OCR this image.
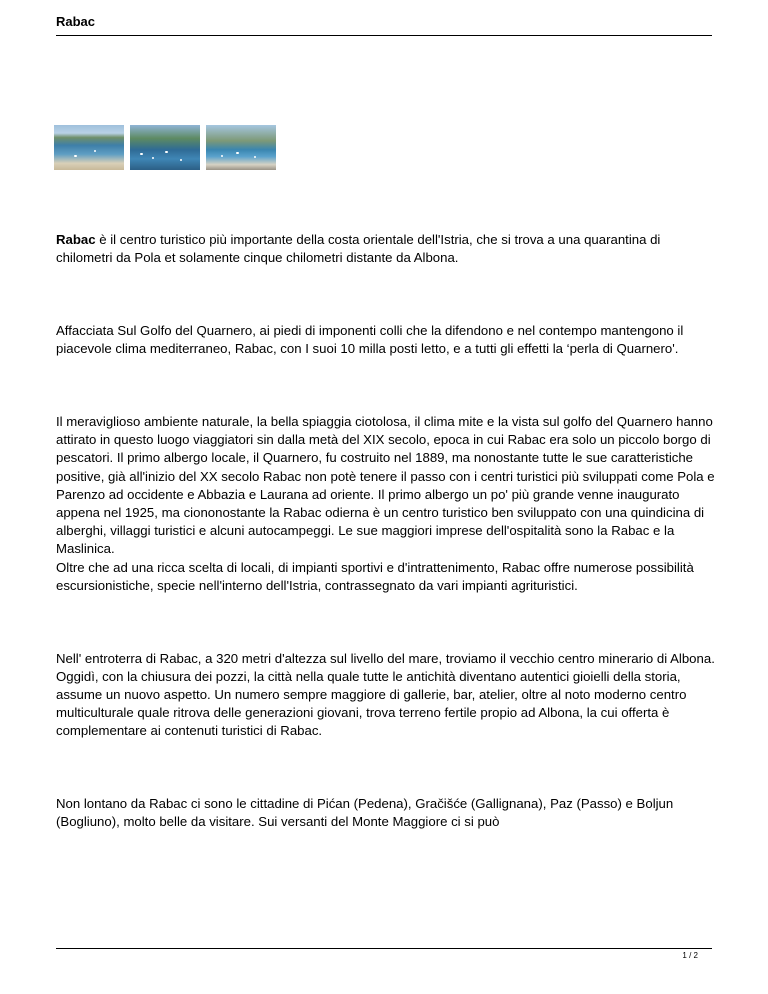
Rabac

Rabac è il centro turistico più importante della costa orientale dell'Istria, che si trova a una quarantina di chilometri da Pola et solamente cinque chilometri distante da Albona.

Affacciata Sul Golfo del Quarnero, ai piedi di imponenti colli che la difendono e nel contempo mantengono il piacevole clima mediterraneo, Rabac, con I suoi 10 milla posti letto, e a tutti gli effetti la ‘perla di Quarnero'.

Il meraviglioso ambiente naturale, la bella spiaggia ciotolosa, il clima mite e la vista sul golfo del Quarnero hanno attirato in questo luogo viaggiatori sin dalla metà del XIX secolo, epoca in cui Rabac era solo un piccolo borgo di pescatori. Il primo albergo locale, il Quarnero, fu costruito nel 1889, ma nonostante tutte le sue caratteristiche positive, già all'inizio del XX secolo Rabac non potè tenere il passo con i centri turistici più sviluppati come Pola e Parenzo ad occidente e Abbazia e Laurana ad oriente. Il primo albergo un po' più grande venne inaugurato appena nel 1925, ma ciononostante la Rabac odierna è un centro turistico ben sviluppato con una quindicina di alberghi, villaggi turistici e alcuni autocampeggi. Le sue maggiori imprese dell'ospitalità sono la Rabac e la Maslinica.

Oltre che ad una ricca scelta di locali, di impianti sportivi e d'intrattenimento, Rabac offre numerose possibilità escursionistiche, specie nell'interno dell'Istria, contrassegnato da vari impianti agrituristici.

Nell' entroterra di Rabac, a 320 metri d'altezza sul livello del mare, troviamo il vecchio centro minerario di Albona. Oggidì, con la chiusura dei pozzi, la città nella quale tutte le antichità diventano autentici gioielli della storia, assume un nuovo aspetto. Un numero sempre maggiore di gallerie, bar, atelier, oltre al noto moderno centro multiculturale quale ritrova delle generazioni giovani, trova terreno fertile propio ad Albona, la cui offerta è complementare ai contenuti turistici di Rabac.

Non lontano da Rabac ci sono le cittadine di Pićan (Pedena), Gračišće (Gallignana), Paz (Passo) e Boljun (Bogliuno), molto belle da visitare. Sui versanti del Monte Maggiore ci si può

1 / 2
